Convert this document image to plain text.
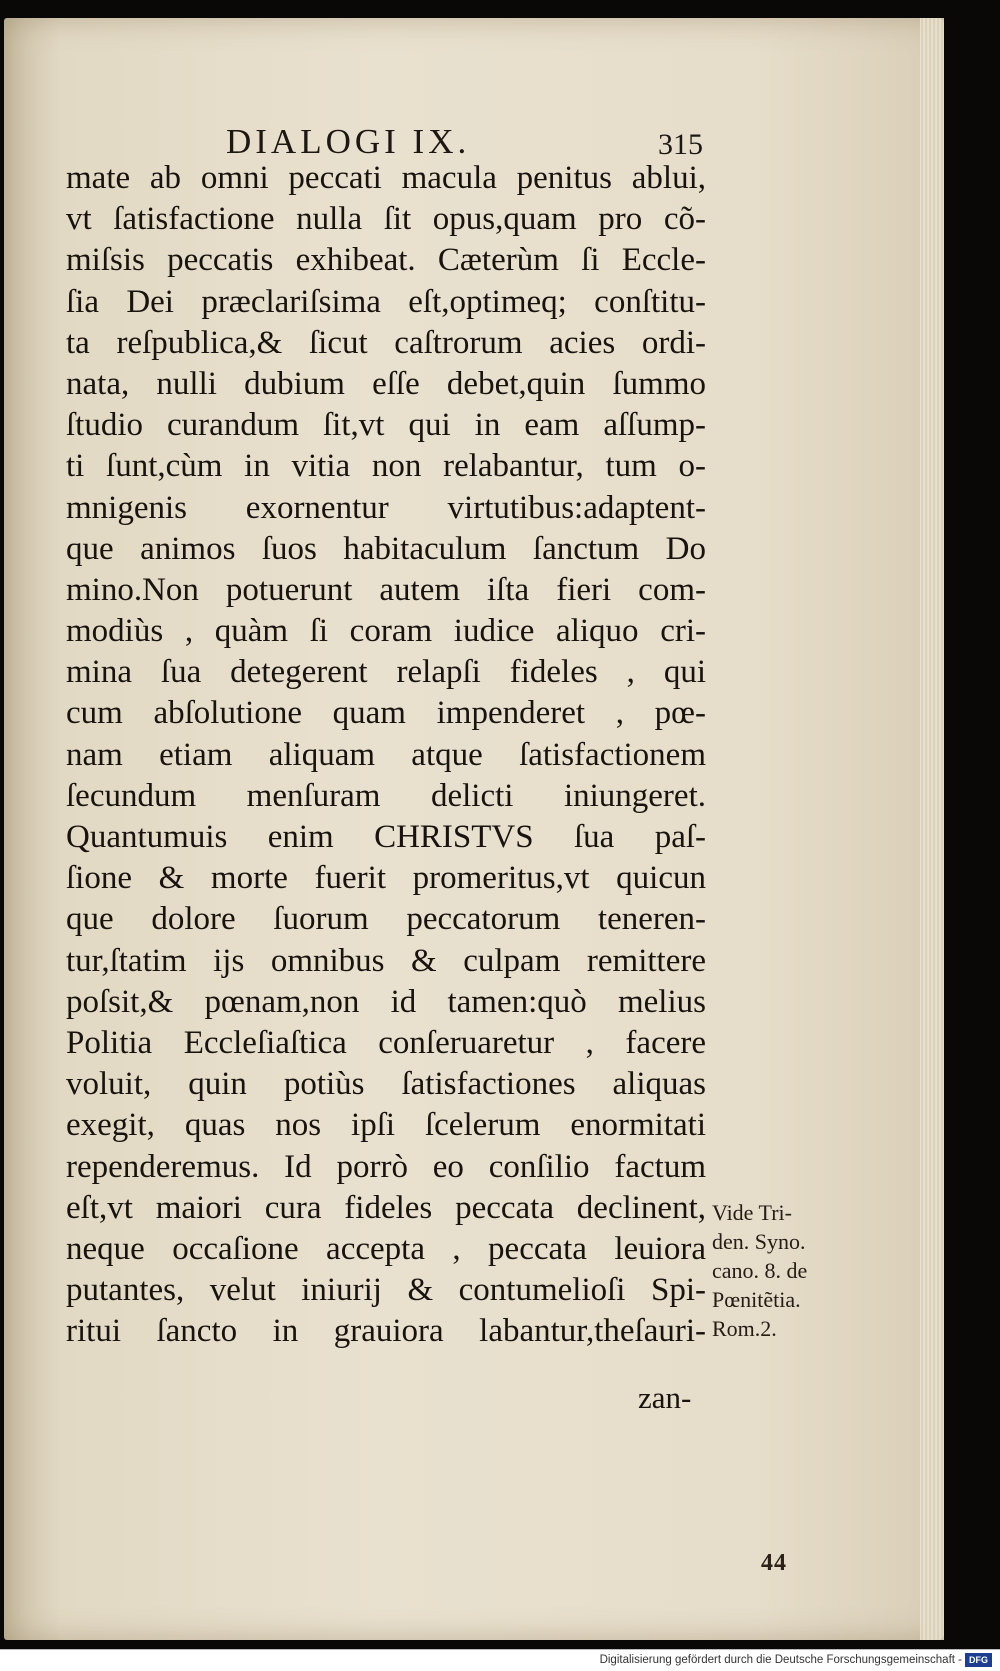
DIALOGI IX.	315
mate ab omni peccati macula penitus ablui,
vt ſatisfactione nulla ſit opus,quam pro cõ-
miſsis peccatis exhibeat. Cæterùm ſi Eccle-
ſia Dei præclariſsima eſt,optimeq; conſtitu-
ta reſpublica,& ſicut caſtrorum acies ordi-
nata, nulli dubium eſſe debet,quin ſummo
ſtudio curandum ſit,vt qui in eam aſſump-
ti ſunt,cùm in vitia non relabantur, tum o-
mnigenis exornentur virtutibus:adaptent-
que animos ſuos habitaculum ſanctum Do
mino.Non potuerunt autem iſta fieri com-
modiùs , quàm ſi coram iudice aliquo cri-
mina ſua detegerent relapſi fideles , qui
cum abſolutione quam impenderet , pœ-
nam etiam aliquam atque ſatisfactionem
ſecundum menſuram delicti iniungeret.
Quantumuis enim CHRISTVS ſua paſ-
ſione & morte fuerit promeritus,vt quicun
que dolore ſuorum peccatorum teneren-
tur,ſtatim ijs omnibus & culpam remittere
poſsit,& pœnam,non id tamen:quò melius
Politia Eccleſiaſtica conſeruaretur , facere
voluit, quin potiùs ſatisfactiones aliquas
exegit, quas nos ipſi ſcelerum enormitati
rependeremus. Id porrò eo conſilio factum
eſt,vt maiori cura fideles peccata declinent,
neque occaſione accepta , peccata leuiora
putantes, velut iniurij & contumelioſi Spi-
ritui ſancto in grauiora labantur,theſauri-
zan-
Vide Tri-
den. Syno.
cano. 8. de
Pœnitẽtia.
Rom.2.
44
Digitalisierung gefördert durch die Deutsche Forschungsgemeinschaft - DFG
